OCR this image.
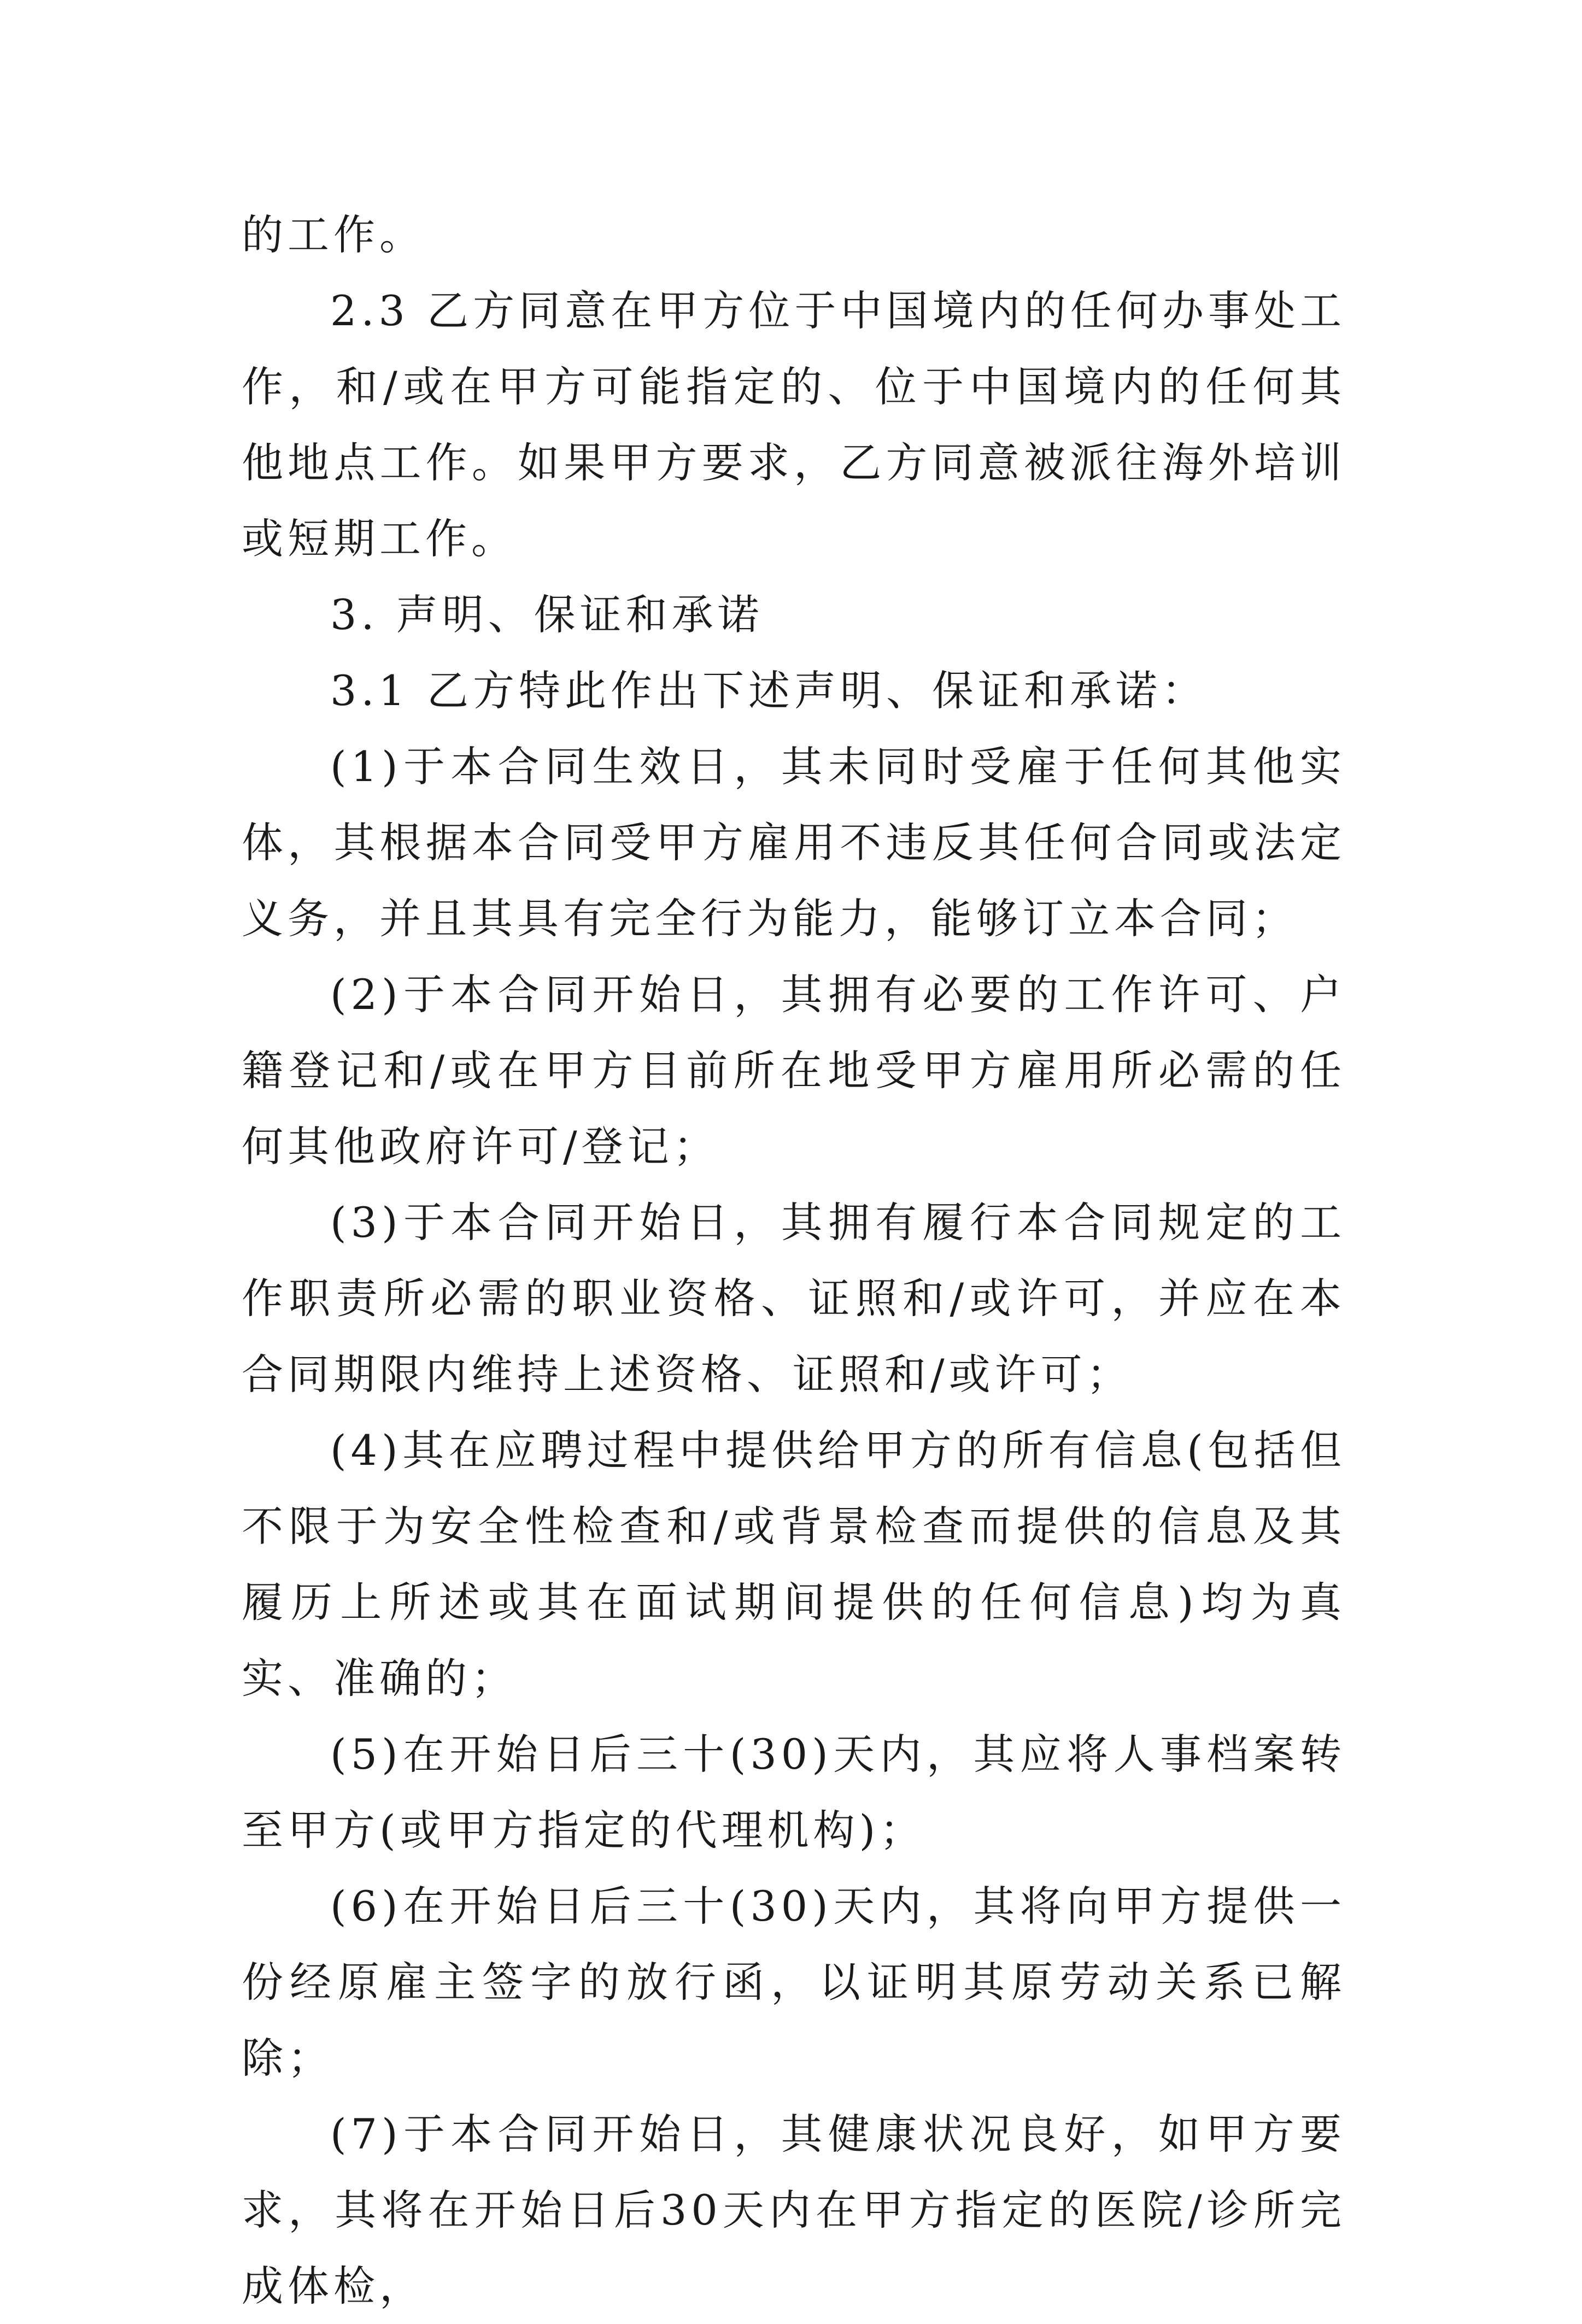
的工作。

2.3 乙方同意在甲方位于中国境内的任何办事处工作，和/或在甲方可能指定的、位于中国境内的任何其他地点工作。如果甲方要求，乙方同意被派往海外培训或短期工作。

3. 声明、保证和承诺

3.1 乙方特此作出下述声明、保证和承诺：

(1)于本合同生效日，其未同时受雇于任何其他实体，其根据本合同受甲方雇用不违反其任何合同或法定义务，并且其具有完全行为能力，能够订立本合同；

(2)于本合同开始日，其拥有必要的工作许可、户籍登记和/或在甲方目前所在地受甲方雇用所必需的任何其他政府许可/登记；

(3)于本合同开始日，其拥有履行本合同规定的工作职责所必需的职业资格、证照和/或许可，并应在本合同期限内维持上述资格、证照和/或许可；

(4)其在应聘过程中提供给甲方的所有信息(包括但不限于为安全性检查和/或背景检查而提供的信息及其履历上所述或其在面试期间提供的任何信息)均为真实、准确的；

(5)在开始日后三十(30)天内，其应将人事档案转至甲方(或甲方指定的代理机构)；

(6)在开始日后三十(30)天内，其将向甲方提供一份经原雇主签字的放行函，以证明其原劳动关系已解除；

(7)于本合同开始日，其健康状况良好，如甲方要求，其将在开始日后30天内在甲方指定的医院/诊所完成体检，
